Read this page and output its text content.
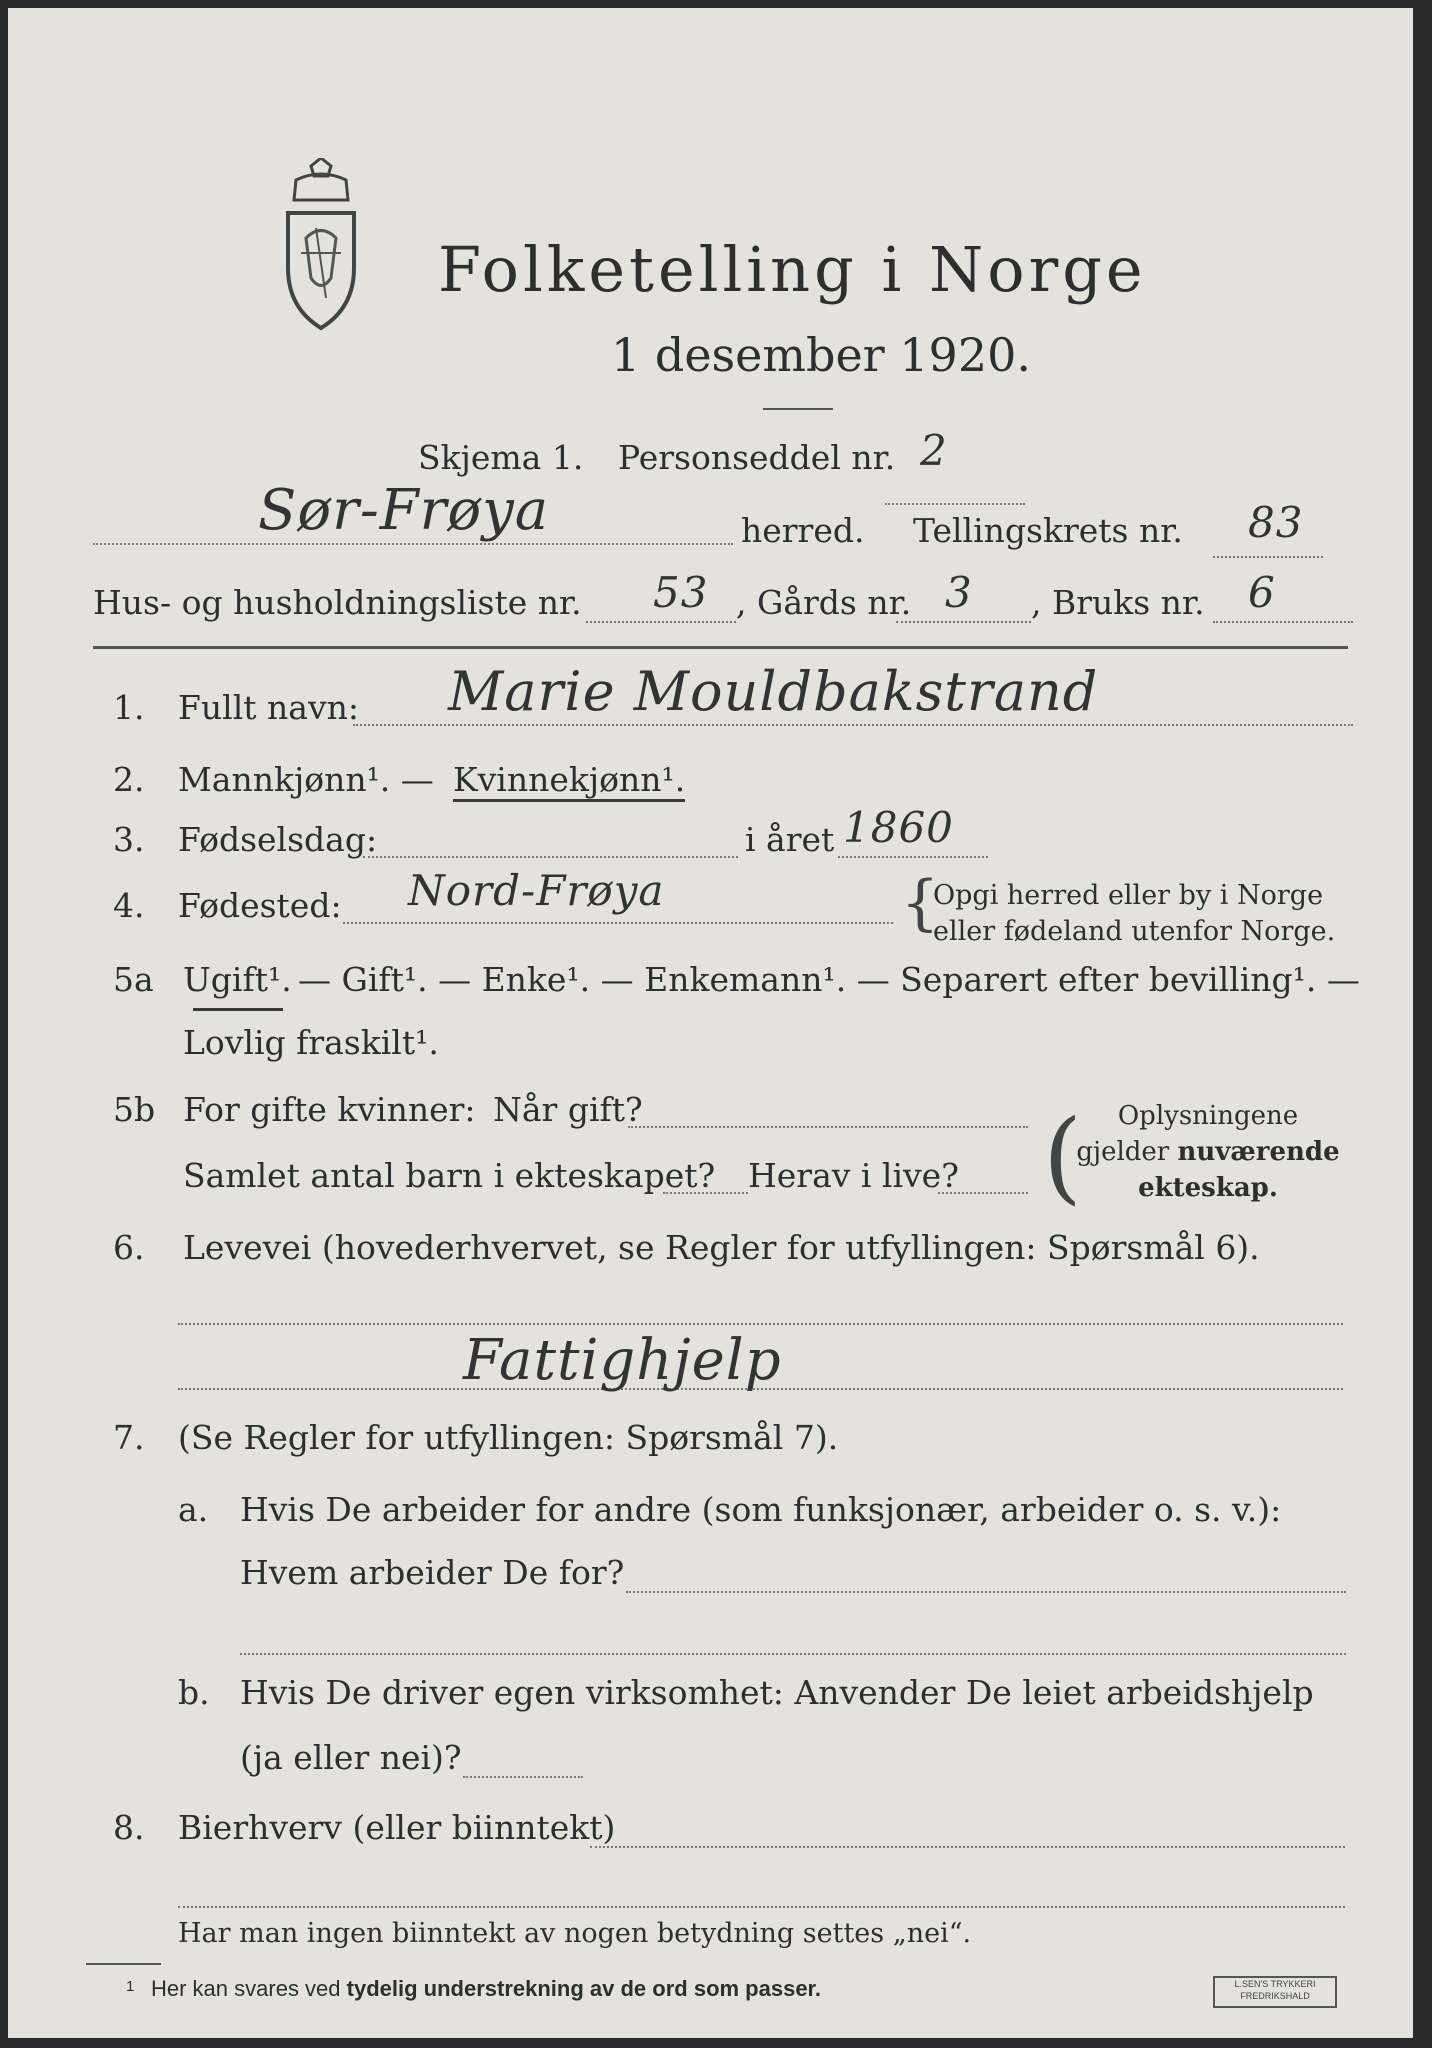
Folketelling i Norge
1 desember 1920.
Skjema 1. Personseddel nr. 2
Sør-Frøya	herred. Tellingskrets nr. 83
Hus- og husholdningsliste nr. 53 , Gårds nr. 3 , Bruks nr. 6
1. Fullt navn: Marie Mouldbakstrand
2. Mannkjønn¹. — Kvinnekjønn¹.
3. Fødselsdag:	i året 1860
4. Fødested: Nord-Frøya	{
Opgi herred eller by i Norge
eller fødeland utenfor Norge.
5a Ugift¹. — Gift¹. — Enke¹. — Enkemann¹. — Separert efter bevilling¹. —
Lovlig fraskilt¹.
5b For gifte kvinner: Når gift?
Samlet antal barn i ekteskapet? Herav i live? (	Oplysningene
gjelder nuværende
ekteskap.
6. Levevei (hovederhvervet, se Regler for utfyllingen: Spørsmål 6).
Fattighjelp
7. (Se Regler for utfyllingen: Spørsmål 7).
a. Hvis De arbeider for andre (som funksjonær, arbeider o. s. v.):
Hvem arbeider De for?
b. Hvis De driver egen virksomhet: Anvender De leiet arbeidshjelp
(ja eller nei)?
8. Bierhverv (eller biinntekt)
Har man ingen biinntekt av nogen betydning settes „nei“.
1 Her kan svares ved tydelig understrekning av de ord som passer.	L.SEN'S TRYKKERI
FREDRIKSHALD
